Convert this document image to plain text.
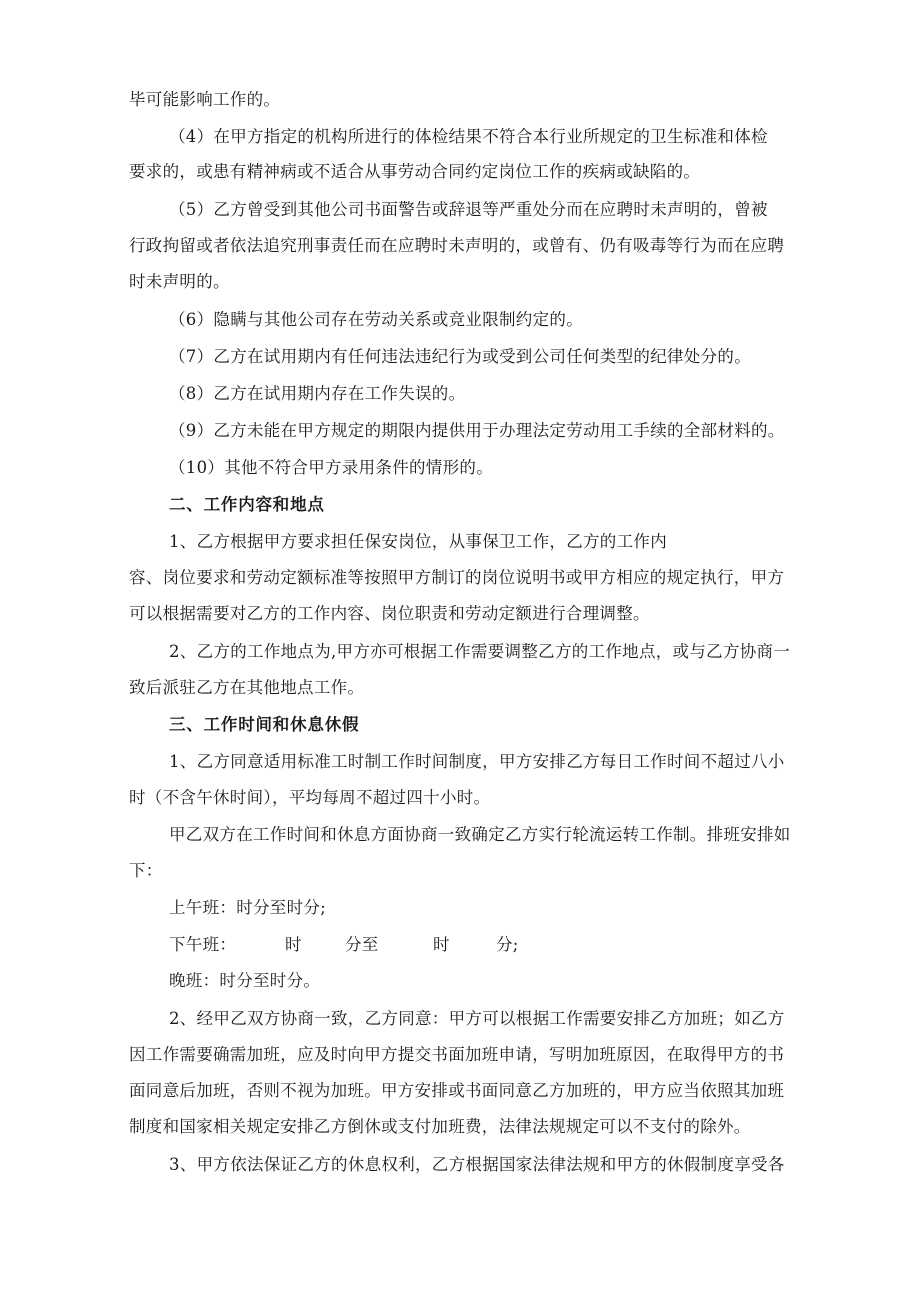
毕可能影响工作的。
（4）在甲方指定的机构所进行的体检结果不符合本行业所规定的卫生标准和体检
要求的，或患有精神病或不适合从事劳动合同约定岗位工作的疾病或缺陷的。
（5）乙方曾受到其他公司书面警告或辞退等严重处分而在应聘时未声明的，曾被
行政拘留或者依法追究刑事责任而在应聘时未声明的，或曾有、仍有吸毒等行为而在应聘
时未声明的。
（6）隐瞒与其他公司存在劳动关系或竞业限制约定的。
（7）乙方在试用期内有任何违法违纪行为或受到公司任何类型的纪律处分的。
（8）乙方在试用期内存在工作失误的。
（9）乙方未能在甲方规定的期限内提供用于办理法定劳动用工手续的全部材料的。
（10）其他不符合甲方录用条件的情形的。
二、工作内容和地点
1、乙方根据甲方要求担任保安岗位，从事保卫工作，乙方的工作内
容、岗位要求和劳动定额标准等按照甲方制订的岗位说明书或甲方相应的规定执行，甲方
可以根据需要对乙方的工作内容、岗位职责和劳动定额进行合理调整。
2、乙方的工作地点为,甲方亦可根据工作需要调整乙方的工作地点，或与乙方协商一
致后派驻乙方在其他地点工作。
三、工作时间和休息休假
1、乙方同意适用标准工时制工作时间制度，甲方安排乙方每日工作时间不超过八小
时（不含午休时间），平均每周不超过四十小时。
甲乙双方在工作时间和休息方面协商一致确定乙方实行轮流运转工作制。排班安排如
下：
上午班：时分至时分;
下午班：	时	分至	时	分;
晚班：时分至时分。
2、经甲乙双方协商一致，乙方同意：甲方可以根据工作需要安排乙方加班；如乙方
因工作需要确需加班，应及时向甲方提交书面加班申请，写明加班原因，在取得甲方的书
面同意后加班，否则不视为加班。甲方安排或书面同意乙方加班的，甲方应当依照其加班
制度和国家相关规定安排乙方倒休或支付加班费，法律法规规定可以不支付的除外。
3、甲方依法保证乙方的休息权利，乙方根据国家法律法规和甲方的休假制度享受各
